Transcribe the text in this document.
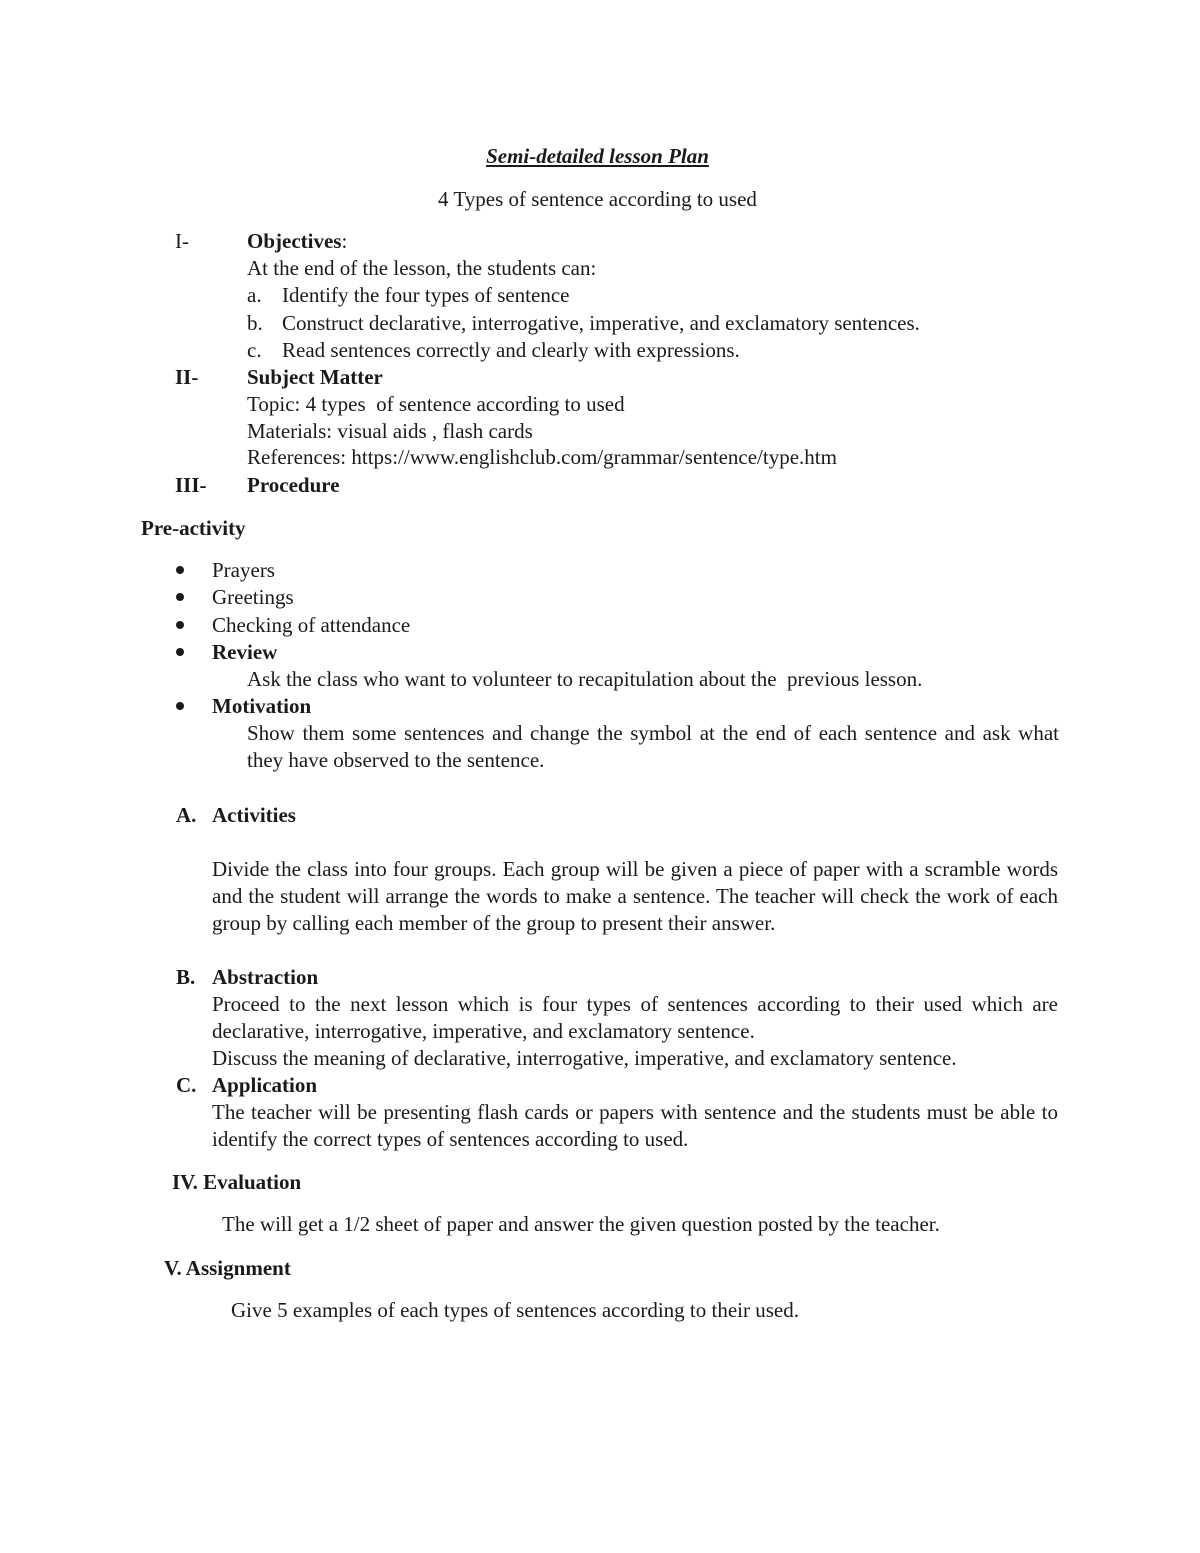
Semi-detailed lesson Plan
4 Types of sentence according to used
I-	Objectives:
At the end of the lesson, the students can:
a. Identify the four types of sentence
b. Construct declarative, interrogative, imperative, and exclamatory sentences.
c. Read sentences correctly and clearly with expressions.
II- Subject Matter
Topic: 4 types  of sentence according to used
Materials: visual aids , flash cards
References: https://www.englishclub.com/grammar/sentence/type.htm
III- Procedure
Pre-activity
Prayers
Greetings
Checking of attendance
Review
Ask the class who want to volunteer to recapitulation about the  previous lesson.
Motivation
Show them some sentences and change the symbol at the end of each sentence and ask what they have observed to the sentence.
A. Activities
Divide the class into four groups. Each group will be given a piece of paper with a scramble words and the student will arrange the words to make a sentence. The teacher will check the work of each group by calling each member of the group to present their answer.
B. Abstraction
Proceed to the next lesson which is four types of sentences according to their used which are declarative, interrogative, imperative, and exclamatory sentence.
Discuss the meaning of declarative, interrogative, imperative, and exclamatory sentence.
C. Application
The teacher will be presenting flash cards or papers with sentence and the students must be able to identify the correct types of sentences according to used.
IV. Evaluation
The will get a 1/2 sheet of paper and answer the given question posted by the teacher.
V. Assignment
Give 5 examples of each types of sentences according to their used.
